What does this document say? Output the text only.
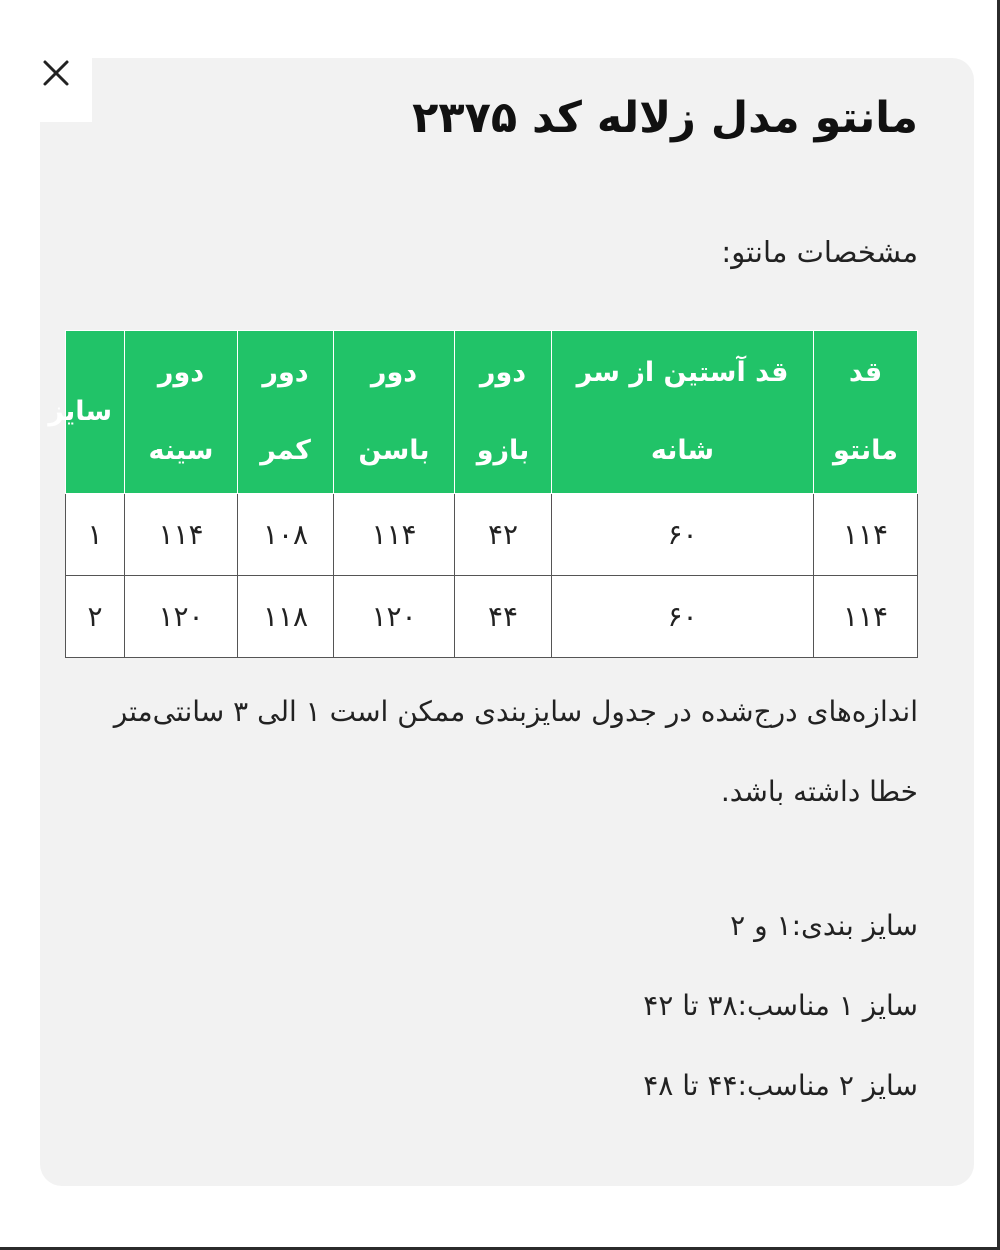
مانتو مدل زلاله کد ۲۳۷۵
مشخصات مانتو:
قد مانتو	قد آستین از سر شانه	دور بازو	دور باسن	دور کمر	دور سینه	سایز
۱۱۴	۶۰	۴۲	۱۱۴	۱۰۸	۱۱۴	۱
۱۱۴	۶۰	۴۴	۱۲۰	۱۱۸	۱۲۰	۲
اندازه‌های درج‌شده در جدول سایزبندی ممکن است ۱ الی ۳ سانتی‌متر خطا داشته باشد.
سایز بندی:۱ و ۲
سایز ۱ مناسب:۳۸ تا ۴۲
سایز ۲ مناسب:۴۴ تا ۴۸
